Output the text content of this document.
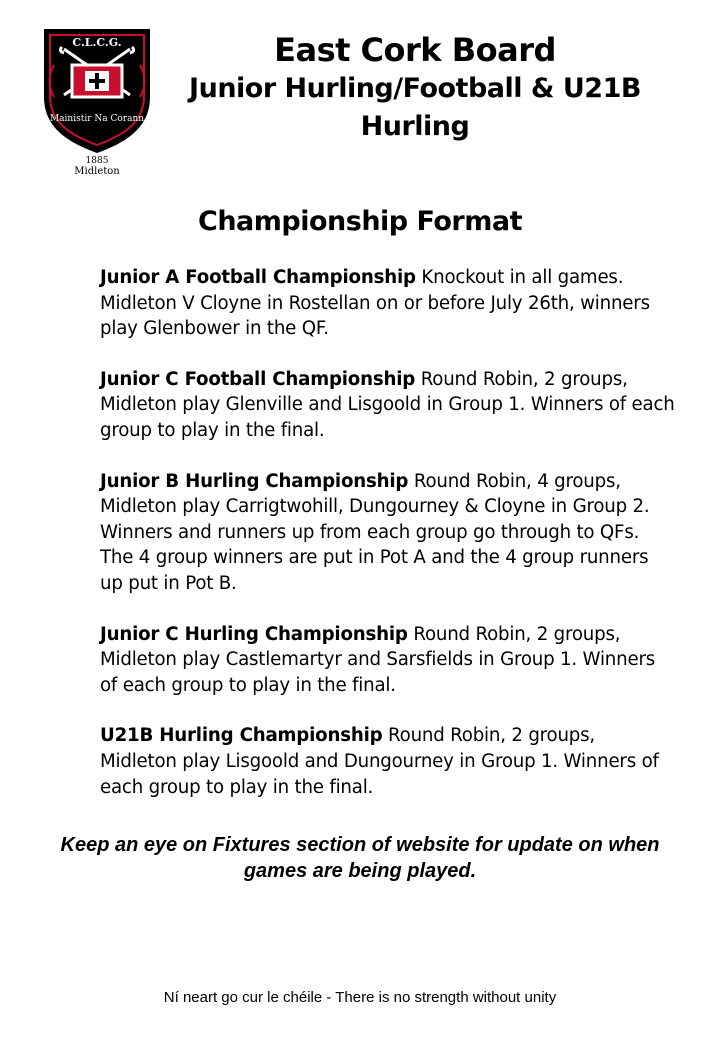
C.L.C.G.
Mainistir Na Corann
1885
Midleton
East Cork Board
Junior Hurling/Football & U21B Hurling
Championship Format
Junior A Football Championship Knockout in all games. Midleton V Cloyne in Rostellan on or before July 26th, winners play Glenbower in the QF.
Junior C Football Championship Round Robin, 2 groups, Midleton play Glenville and Lisgoold in Group 1. Winners of each group to play in the final.
Junior B Hurling Championship Round Robin, 4 groups, Midleton play Carrigtwohill, Dungourney & Cloyne in Group 2. Winners and runners up from each group go through to QFs. The 4 group winners are put in Pot A and the 4 group runners up put in Pot B.
Junior C Hurling Championship Round Robin, 2 groups, Midleton play Castlemartyr and Sarsfields in Group 1. Winners of each group to play in the final.
U21B Hurling Championship Round Robin, 2 groups, Midleton play Lisgoold and Dungourney in Group 1. Winners of each group to play in the final.
Keep an eye on Fixtures section of website for update on when games are being played.
Ní neart go cur le chéile - There is no strength without unity
